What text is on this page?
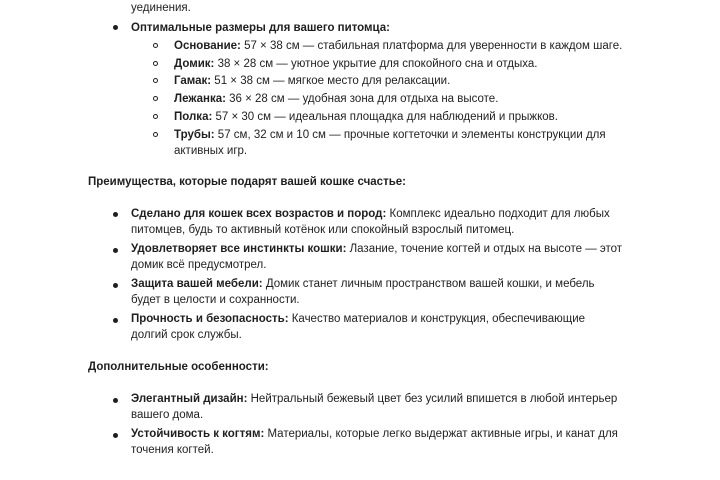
уединения.
Оптимальные размеры для вашего питомца:
Основание: 57 × 38 см — стабильная платформа для уверенности в каждом шаге.
Домик: 38 × 28 см — уютное укрытие для спокойного сна и отдыха.
Гамак: 51 × 38 см — мягкое место для релаксации.
Лежанка: 36 × 28 см — удобная зона для отдыха на высоте.
Полка: 57 × 30 см — идеальная площадка для наблюдений и прыжков.
Трубы: 57 см, 32 см и 10 см — прочные когтеточки и элементы конструкции для
активных игр.
Преимущества, которые подарят вашей кошке счастье:
Сделано для кошек всех возрастов и пород: Комплекс идеально подходит для любых
питомцев, будь то активный котёнок или спокойный взрослый питомец.
Удовлетворяет все инстинкты кошки: Лазание, точение когтей и отдых на высоте — этот
домик всё предусмотрел.
Защита вашей мебели: Домик станет личным пространством вашей кошки, и мебель
будет в целости и сохранности.
Прочность и безопасность: Качество материалов и конструкция, обеспечивающие
долгий срок службы.
Дополнительные особенности:
Элегантный дизайн: Нейтральный бежевый цвет без усилий впишется в любой интерьер
вашего дома.
Устойчивость к когтям: Материалы, которые легко выдержат активные игры, и канат для
точения когтей.
